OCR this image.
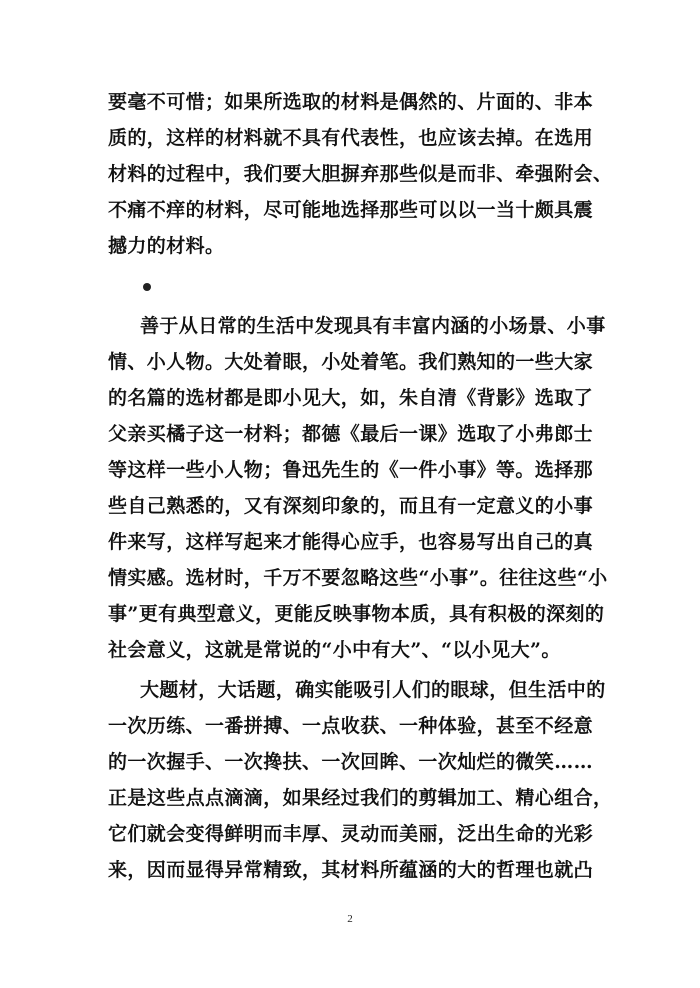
要毫不可惜；如果所选取的材料是偶然的、片面的、非本
质的，这样的材料就不具有代表性，也应该去掉。在选用
材料的过程中，我们要大胆摒弃那些似是而非、牵强附会、
不痛不痒的材料，尽可能地选择那些可以以一当十颇具震
撼力的材料。
善于从日常的生活中发现具有丰富内涵的小场景、小事
情、小人物。大处着眼，小处着笔。我们熟知的一些大家
的名篇的选材都是即小见大，如，朱自清《背影》选取了
父亲买橘子这一材料；都德《最后一课》选取了小弗郎士
等这样一些小人物；鲁迅先生的《一件小事》等。选择那
些自己熟悉的，又有深刻印象的，而且有一定意义的小事
件来写，这样写起来才能得心应手，也容易写出自己的真
情实感。选材时，千万不要忽略这些“小事”。往往这些“小
事”更有典型意义，更能反映事物本质，具有积极的深刻的
社会意义，这就是常说的“小中有大”、“以小见大”。
大题材，大话题，确实能吸引人们的眼球，但生活中的
一次历练、一番拼搏、一点收获、一种体验，甚至不经意
的一次握手、一次搀扶、一次回眸、一次灿烂的微笑……
正是这些点点滴滴，如果经过我们的剪辑加工、精心组合，
它们就会变得鲜明而丰厚、灵动而美丽，泛出生命的光彩
来，因而显得异常精致，其材料所蕴涵的大的哲理也就凸
2
